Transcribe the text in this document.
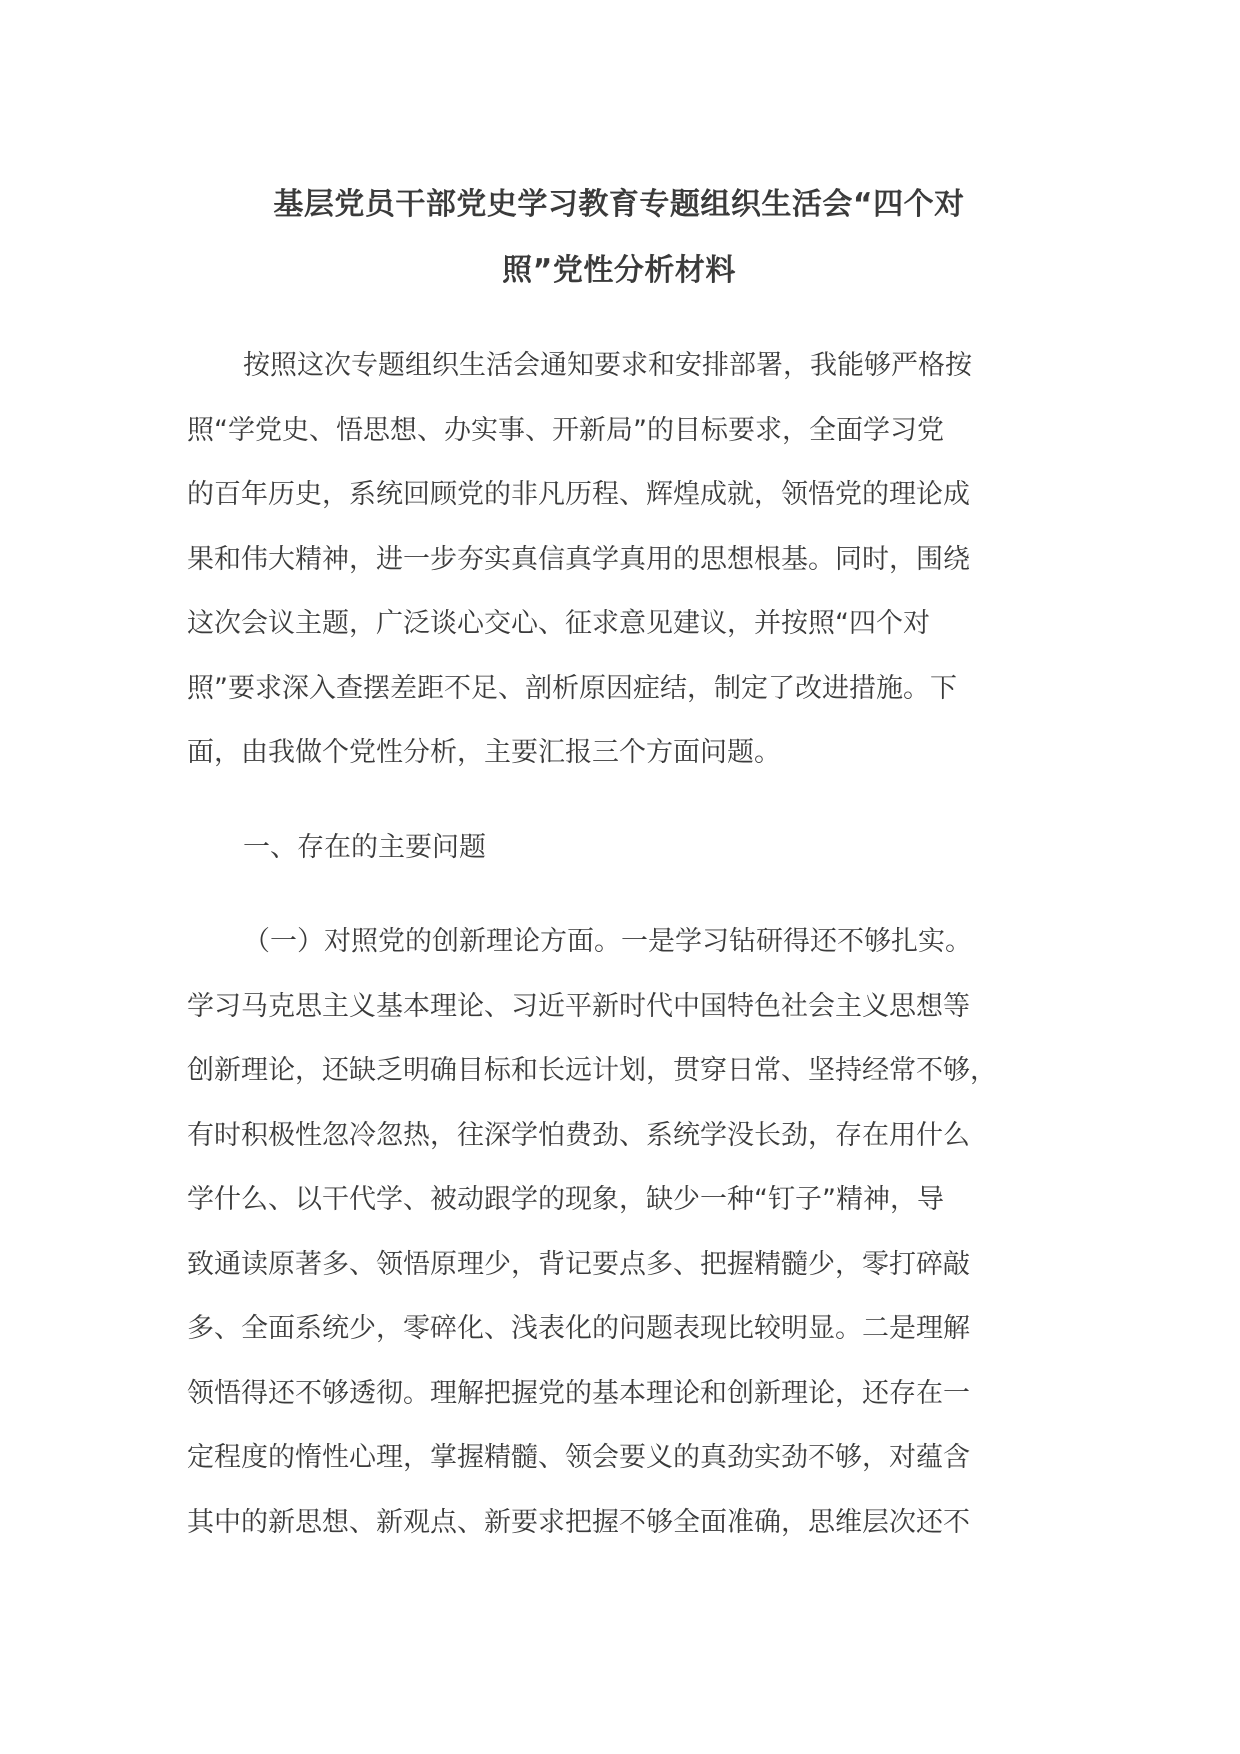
基层党员干部党史学习教育专题组织生活会“四个对
照”党性分析材料
按照这次专题组织生活会通知要求和安排部署，我能够严格按
照“学党史、悟思想、办实事、开新局”的目标要求，全面学习党
的百年历史，系统回顾党的非凡历程、辉煌成就，领悟党的理论成
果和伟大精神，进一步夯实真信真学真用的思想根基。同时，围绕
这次会议主题，广泛谈心交心、征求意见建议，并按照“四个对
照”要求深入查摆差距不足、剖析原因症结，制定了改进措施。下
面，由我做个党性分析，主要汇报三个方面问题。
一、存在的主要问题
（一）对照党的创新理论方面。一是学习钻研得还不够扎实。
学习马克思主义基本理论、习近平新时代中国特色社会主义思想等
创新理论，还缺乏明确目标和长远计划，贯穿日常、坚持经常不够，
有时积极性忽冷忽热，往深学怕费劲、系统学没长劲，存在用什么
学什么、以干代学、被动跟学的现象，缺少一种“钉子”精神，导
致通读原著多、领悟原理少，背记要点多、把握精髓少，零打碎敲
多、全面系统少，零碎化、浅表化的问题表现比较明显。二是理解
领悟得还不够透彻。理解把握党的基本理论和创新理论，还存在一
定程度的惰性心理，掌握精髓、领会要义的真劲实劲不够，对蕴含
其中的新思想、新观点、新要求把握不够全面准确，思维层次还不
